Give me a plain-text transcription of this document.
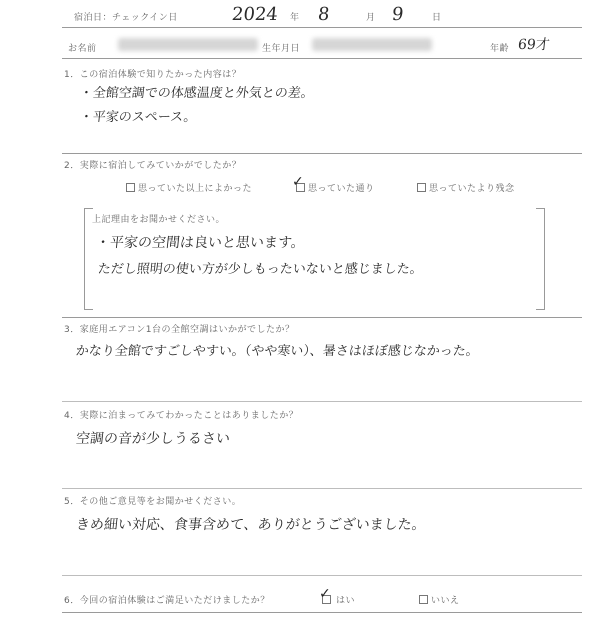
宿泊日：チェックイン日	2024 年 8	月 9	日
お名前	生年月日	年齢 69才
1．この宿泊体験で知りたかった内容は？
・全館空調での体感温度と外気との差。
・平家のスペース。
2．実際に宿泊してみていかがでしたか？
思っていた以上によかった	✓ 思っていた通り	思っていたより残念
上記理由をお聞かせください。
・平家の空間は良いと思います。
ただし照明の使い方が少しもったいないと感じました。
3．家庭用エアコン1台の全館空調はいかがでしたか？
かなり全館ですごしやすい。（やや寒い）、暑さはほぼ感じなかった。
4．実際に泊まってみてわかったことはありましたか？
空調の音が少しうるさい
5．その他ご意見等をお聞かせください。
きめ細い対応、食事含めて、ありがとうございました。
6．今回の宿泊体験はご満足いただけましたか？	✓ はい	いいえ
